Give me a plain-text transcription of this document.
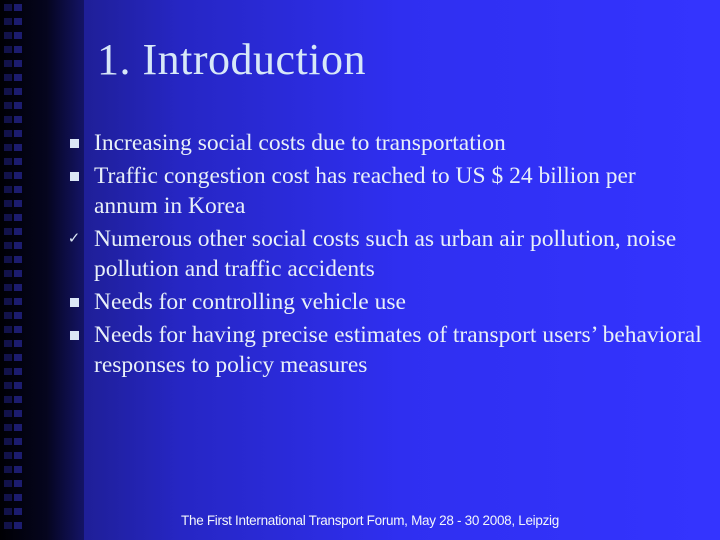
1. Introduction
Increasing social costs due to transportation
Traffic congestion cost has reached to US $ 24 billion per annum in Korea
✓ Numerous other social costs such as urban air pollution, noise pollution and traffic accidents
Needs for controlling vehicle use
Needs for having precise estimates of transport users’ behavioral responses to policy measures
The First International Transport Forum, May 28 - 30 2008, Leipzig
